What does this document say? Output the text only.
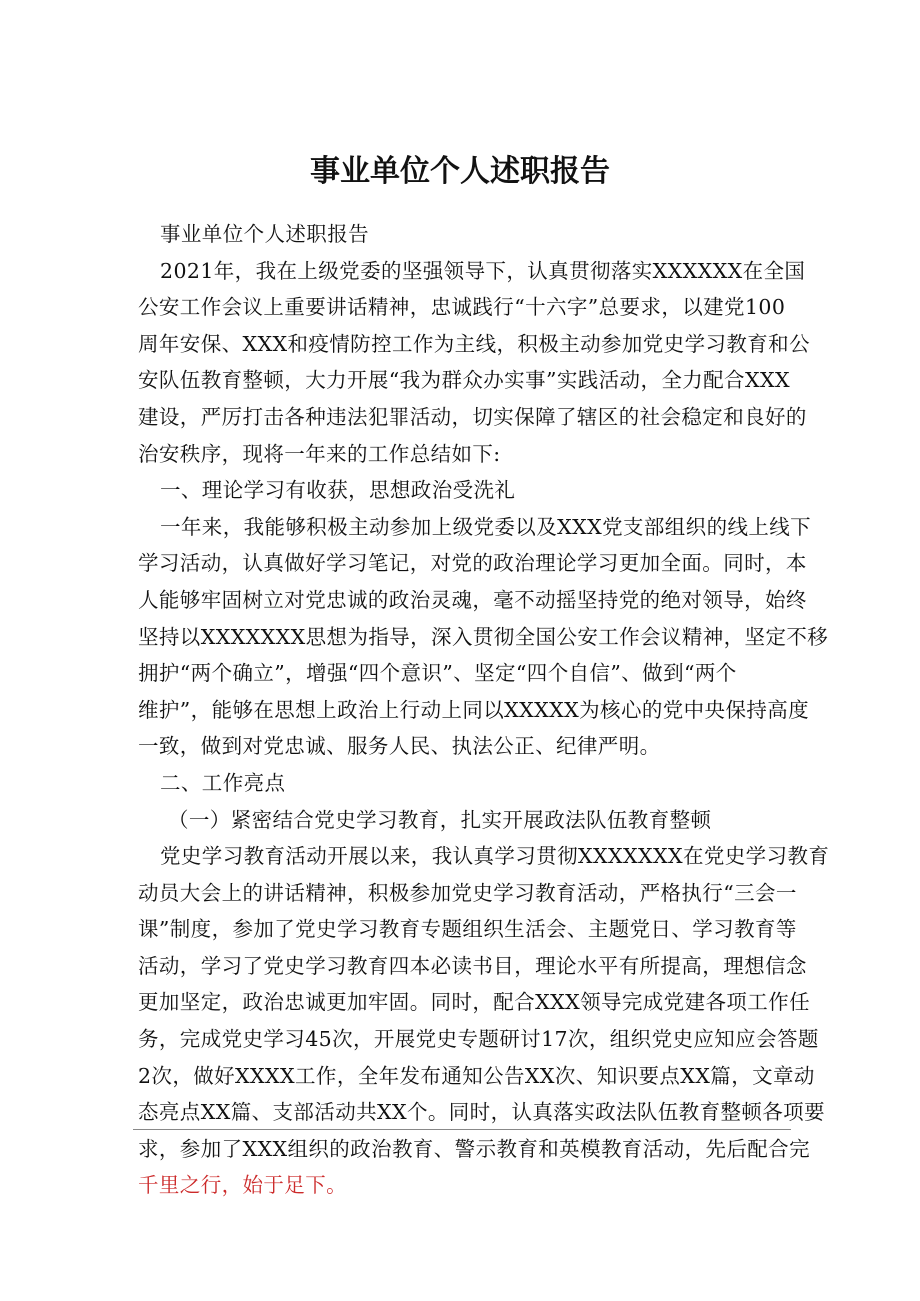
事业单位个人述职报告
事业单位个人述职报告
2021年，我在上级党委的坚强领导下，认真贯彻落实XXXXXX在全国
公安工作会议上重要讲话精神，忠诚践行“十六字”总要求，以建党100
周年安保、XXX和疫情防控工作为主线，积极主动参加党史学习教育和公
安队伍教育整顿，大力开展“我为群众办实事”实践活动，全力配合XXX
建设，严厉打击各种违法犯罪活动，切实保障了辖区的社会稳定和良好的
治安秩序，现将一年来的工作总结如下:
一、理论学习有收获，思想政治受洗礼
一年来，我能够积极主动参加上级党委以及XXX党支部组织的线上线下
学习活动，认真做好学习笔记，对党的政治理论学习更加全面。同时，本
人能够牢固树立对党忠诚的政治灵魂，毫不动摇坚持党的绝对领导，始终
坚持以XXXXXXX思想为指导，深入贯彻全国公安工作会议精神，坚定不移
拥护“两个确立”，增强“四个意识”、坚定“四个自信”、做到“两个
维护”，能够在思想上政治上行动上同以XXXXX为核心的党中央保持高度
一致，做到对党忠诚、服务人民、执法公正、纪律严明。
二、工作亮点
（一）紧密结合党史学习教育，扎实开展政法队伍教育整顿
党史学习教育活动开展以来，我认真学习贯彻XXXXXXX在党史学习教育
动员大会上的讲话精神，积极参加党史学习教育活动，严格执行“三会一
课”制度，参加了党史学习教育专题组织生活会、主题党日、学习教育等
活动，学习了党史学习教育四本必读书目，理论水平有所提高，理想信念
更加坚定，政治忠诚更加牢固。同时，配合XXX领导完成党建各项工作任
务，完成党史学习45次，开展党史专题研讨17次，组织党史应知应会答题
2次，做好XXXX工作，全年发布通知公告XX次、知识要点XX篇，文章动
态亮点XX篇、支部活动共XX个。同时，认真落实政法队伍教育整顿各项要
求，参加了XXX组织的政治教育、警示教育和英模教育活动，先后配合完
千里之行，始于足下。
